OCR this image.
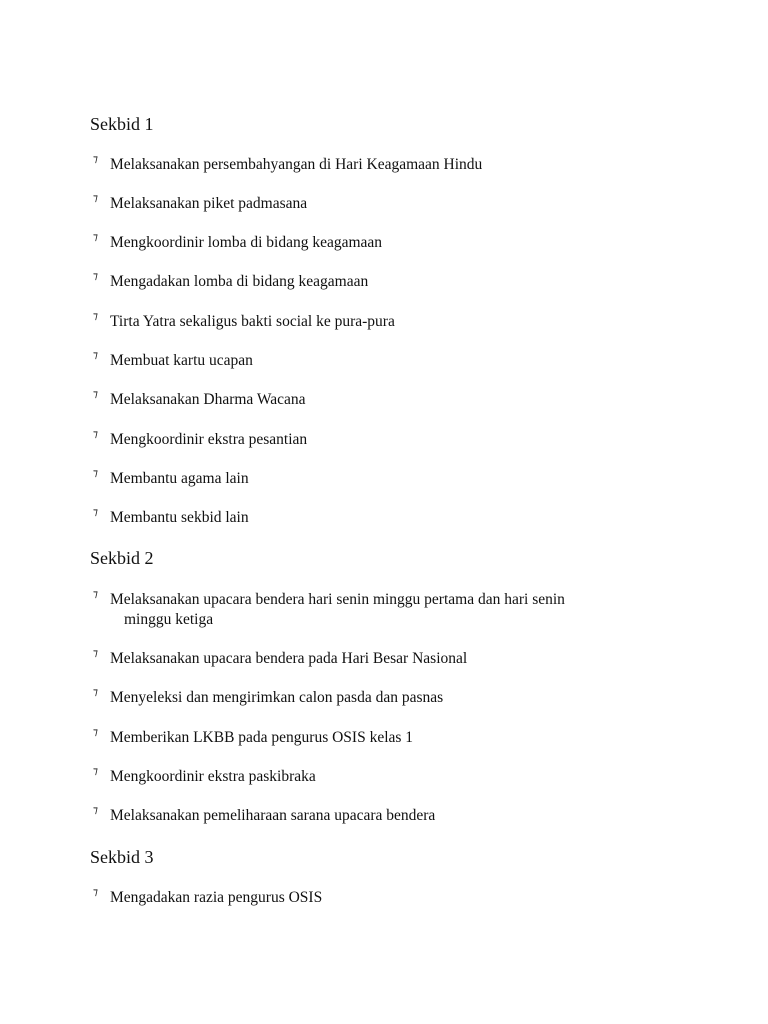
Sekbid 1
⁊ Melaksanakan persembahyangan di Hari Keagamaan Hindu
⁊ Melaksanakan piket padmasana
⁊ Mengkoordinir lomba di bidang keagamaan
⁊ Mengadakan lomba di bidang keagamaan
⁊ Tirta Yatra sekaligus bakti social ke pura-pura
⁊ Membuat kartu ucapan
⁊ Melaksanakan Dharma Wacana
⁊ Mengkoordinir ekstra pesantian
⁊ Membantu agama lain
⁊ Membantu sekbid lain
Sekbid 2
⁊ Melaksanakan upacara bendera hari senin minggu pertama dan hari senin
minggu ketiga
⁊ Melaksanakan upacara bendera pada Hari Besar Nasional
⁊ Menyeleksi dan mengirimkan calon pasda dan pasnas
⁊ Memberikan LKBB pada pengurus OSIS kelas 1
⁊ Mengkoordinir ekstra paskibraka
⁊ Melaksanakan pemeliharaan sarana upacara bendera
Sekbid 3
⁊ Mengadakan razia pengurus OSIS
